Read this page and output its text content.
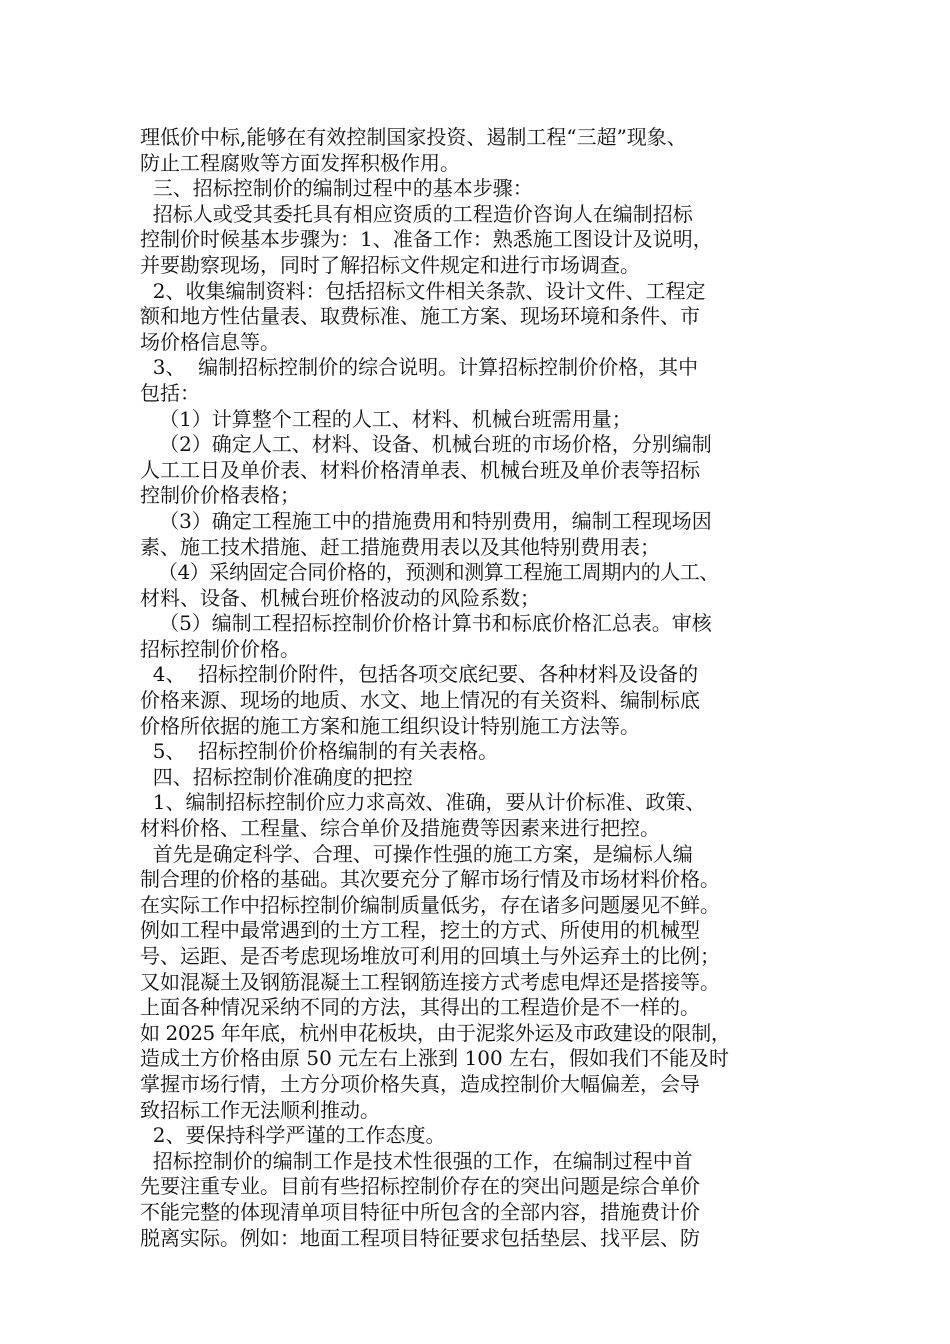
理低价中标,能够在有效控制国家投资、遏制工程“三超”现象、
防止工程腐败等方面发挥积极作用。
三、招标控制价的编制过程中的基本步骤：
招标人或受其委托具有相应资质的工程造价咨询人在编制招标
控制价时候基本步骤为：1、准备工作：熟悉施工图设计及说明，
并要勘察现场，同时了解招标文件规定和进行市场调查。
2、收集编制资料：包括招标文件相关条款、设计文件、工程定
额和地方性估量表、取费标准、施工方案、现场环境和条件、市
场价格信息等。
3、  编制招标控制价的综合说明。计算招标控制价价格，其中
包括：
（1）计算整个工程的人工、材料、机械台班需用量；
（2）确定人工、材料、设备、机械台班的市场价格，分别编制
人工工日及单价表、材料价格清单表、机械台班及单价表等招标
控制价价格表格；
（3）确定工程施工中的措施费用和特别费用，编制工程现场因
素、施工技术措施、赶工措施费用表以及其他特别费用表；
（4）采纳固定合同价格的，预测和测算工程施工周期内的人工、
材料、设备、机械台班价格波动的风险系数；
（5）编制工程招标控制价价格计算书和标底价格汇总表。审核
招标控制价价格。
4、  招标控制价附件，包括各项交底纪要、各种材料及设备的
价格来源、现场的地质、水文、地上情况的有关资料、编制标底
价格所依据的施工方案和施工组织设计特别施工方法等。
5、  招标控制价价格编制的有关表格。
四、招标控制价准确度的把控
1、编制招标控制价应力求高效、准确，要从计价标准、政策、
材料价格、工程量、综合单价及措施费等因素来进行把控。
首先是确定科学、合理、可操作性强的施工方案，是编标人编
制合理的价格的基础。其次要充分了解市场行情及市场材料价格。
在实际工作中招标控制价编制质量低劣，存在诸多问题屡见不鲜。
例如工程中最常遇到的土方工程，挖土的方式、所使用的机械型
号、运距、是否考虑现场堆放可利用的回填土与外运弃土的比例；
又如混凝土及钢筋混凝土工程钢筋连接方式考虑电焊还是搭接等。
上面各种情况采纳不同的方法，其得出的工程造价是不一样的。
如 2025 年年底，杭州申花板块，由于泥浆外运及市政建设的限制，
造成土方价格由原 50 元左右上涨到 100 左右，假如我们不能及时
掌握市场行情，土方分项价格失真，造成控制价大幅偏差，会导
致招标工作无法顺利推动。
2、要保持科学严谨的工作态度。
招标控制价的编制工作是技术性很强的工作，在编制过程中首
先要注重专业。目前有些招标控制价存在的突出问题是综合单价
不能完整的体现清单项目特征中所包含的全部内容，措施费计价
脱离实际。例如：地面工程项目特征要求包括垫层、找平层、防
